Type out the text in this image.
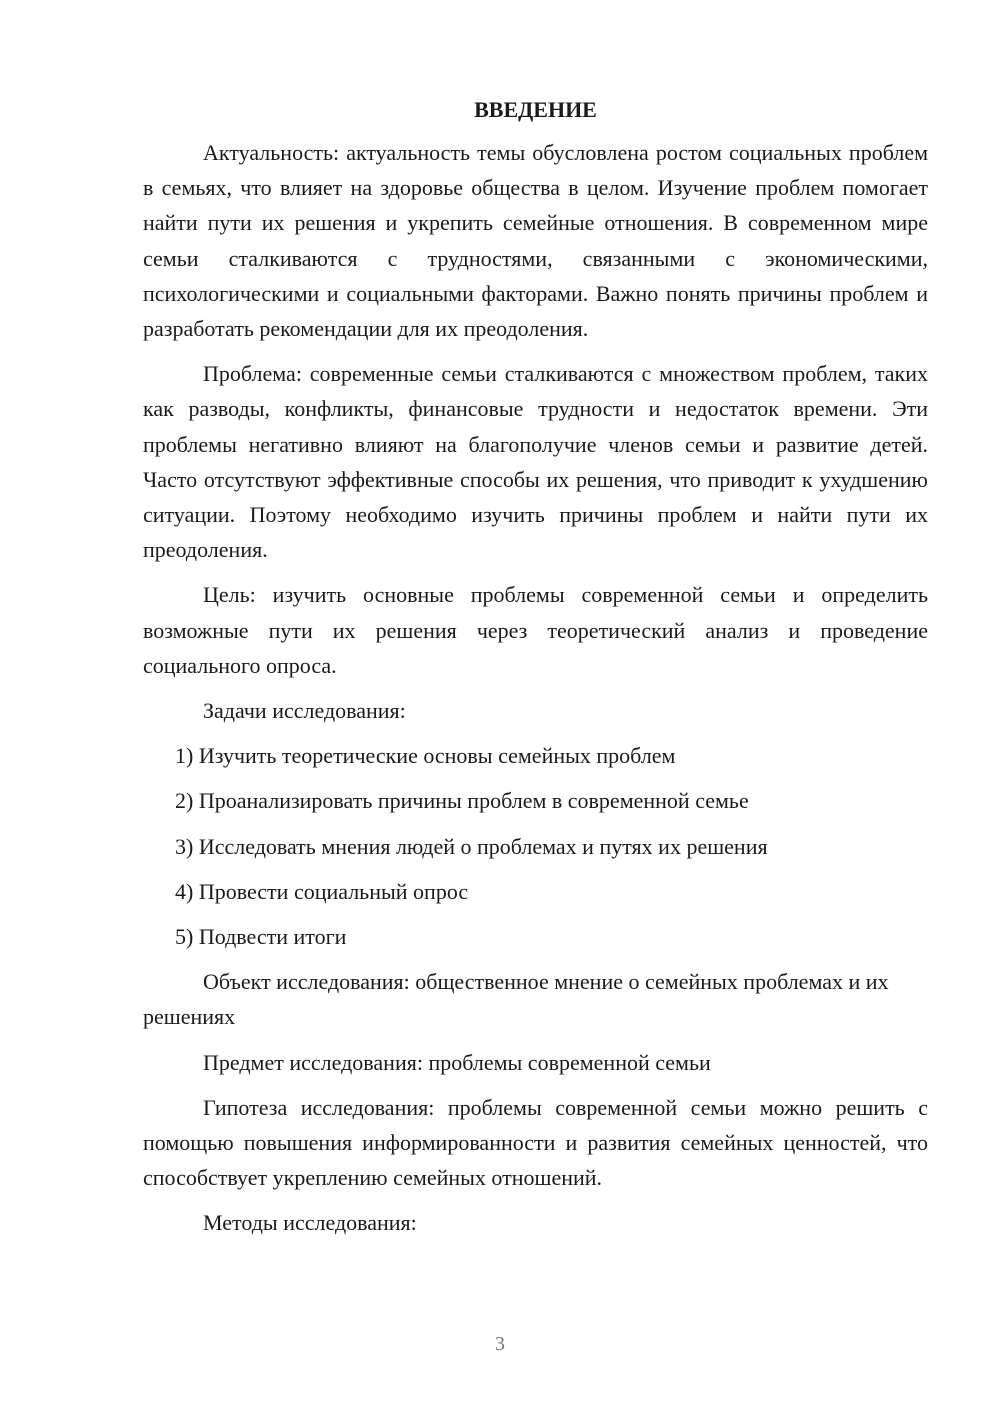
ВВЕДЕНИЕ

Актуальность: актуальность темы обусловлена ростом социальных проблем в семьях, что влияет на здоровье общества в целом. Изучение проблем помогает найти пути их решения и укрепить семейные отношения. В современном мире семьи сталкиваются с трудностями, связанными с экономическими, психологическими и социальными факторами. Важно понять причины проблем и разработать рекомендации для их преодоления.

Проблема: современные семьи сталкиваются с множеством проблем, таких как разводы, конфликты, финансовые трудности и недостаток времени. Эти проблемы негативно влияют на благополучие членов семьи и развитие детей. Часто отсутствуют эффективные способы их решения, что приводит к ухудшению ситуации. Поэтому необходимо изучить причины проблем и найти пути их преодоления.

Цель: изучить основные проблемы современной семьи и определить возможные пути их решения через теоретический анализ и проведение социального опроса.

Задачи исследования:

1) Изучить теоретические основы семейных проблем
2) Проанализировать причины проблем в современной семье
3) Исследовать мнения людей о проблемах и путях их решения
4) Провести социальный опрос
5) Подвести итоги

Объект исследования: общественное мнение о семейных проблемах и их решениях

Предмет исследования: проблемы современной семьи

Гипотеза исследования: проблемы современной семьи можно решить с помощью повышения информированности и развития семейных ценностей, что способствует укреплению семейных отношений.

Методы исследования:

3
